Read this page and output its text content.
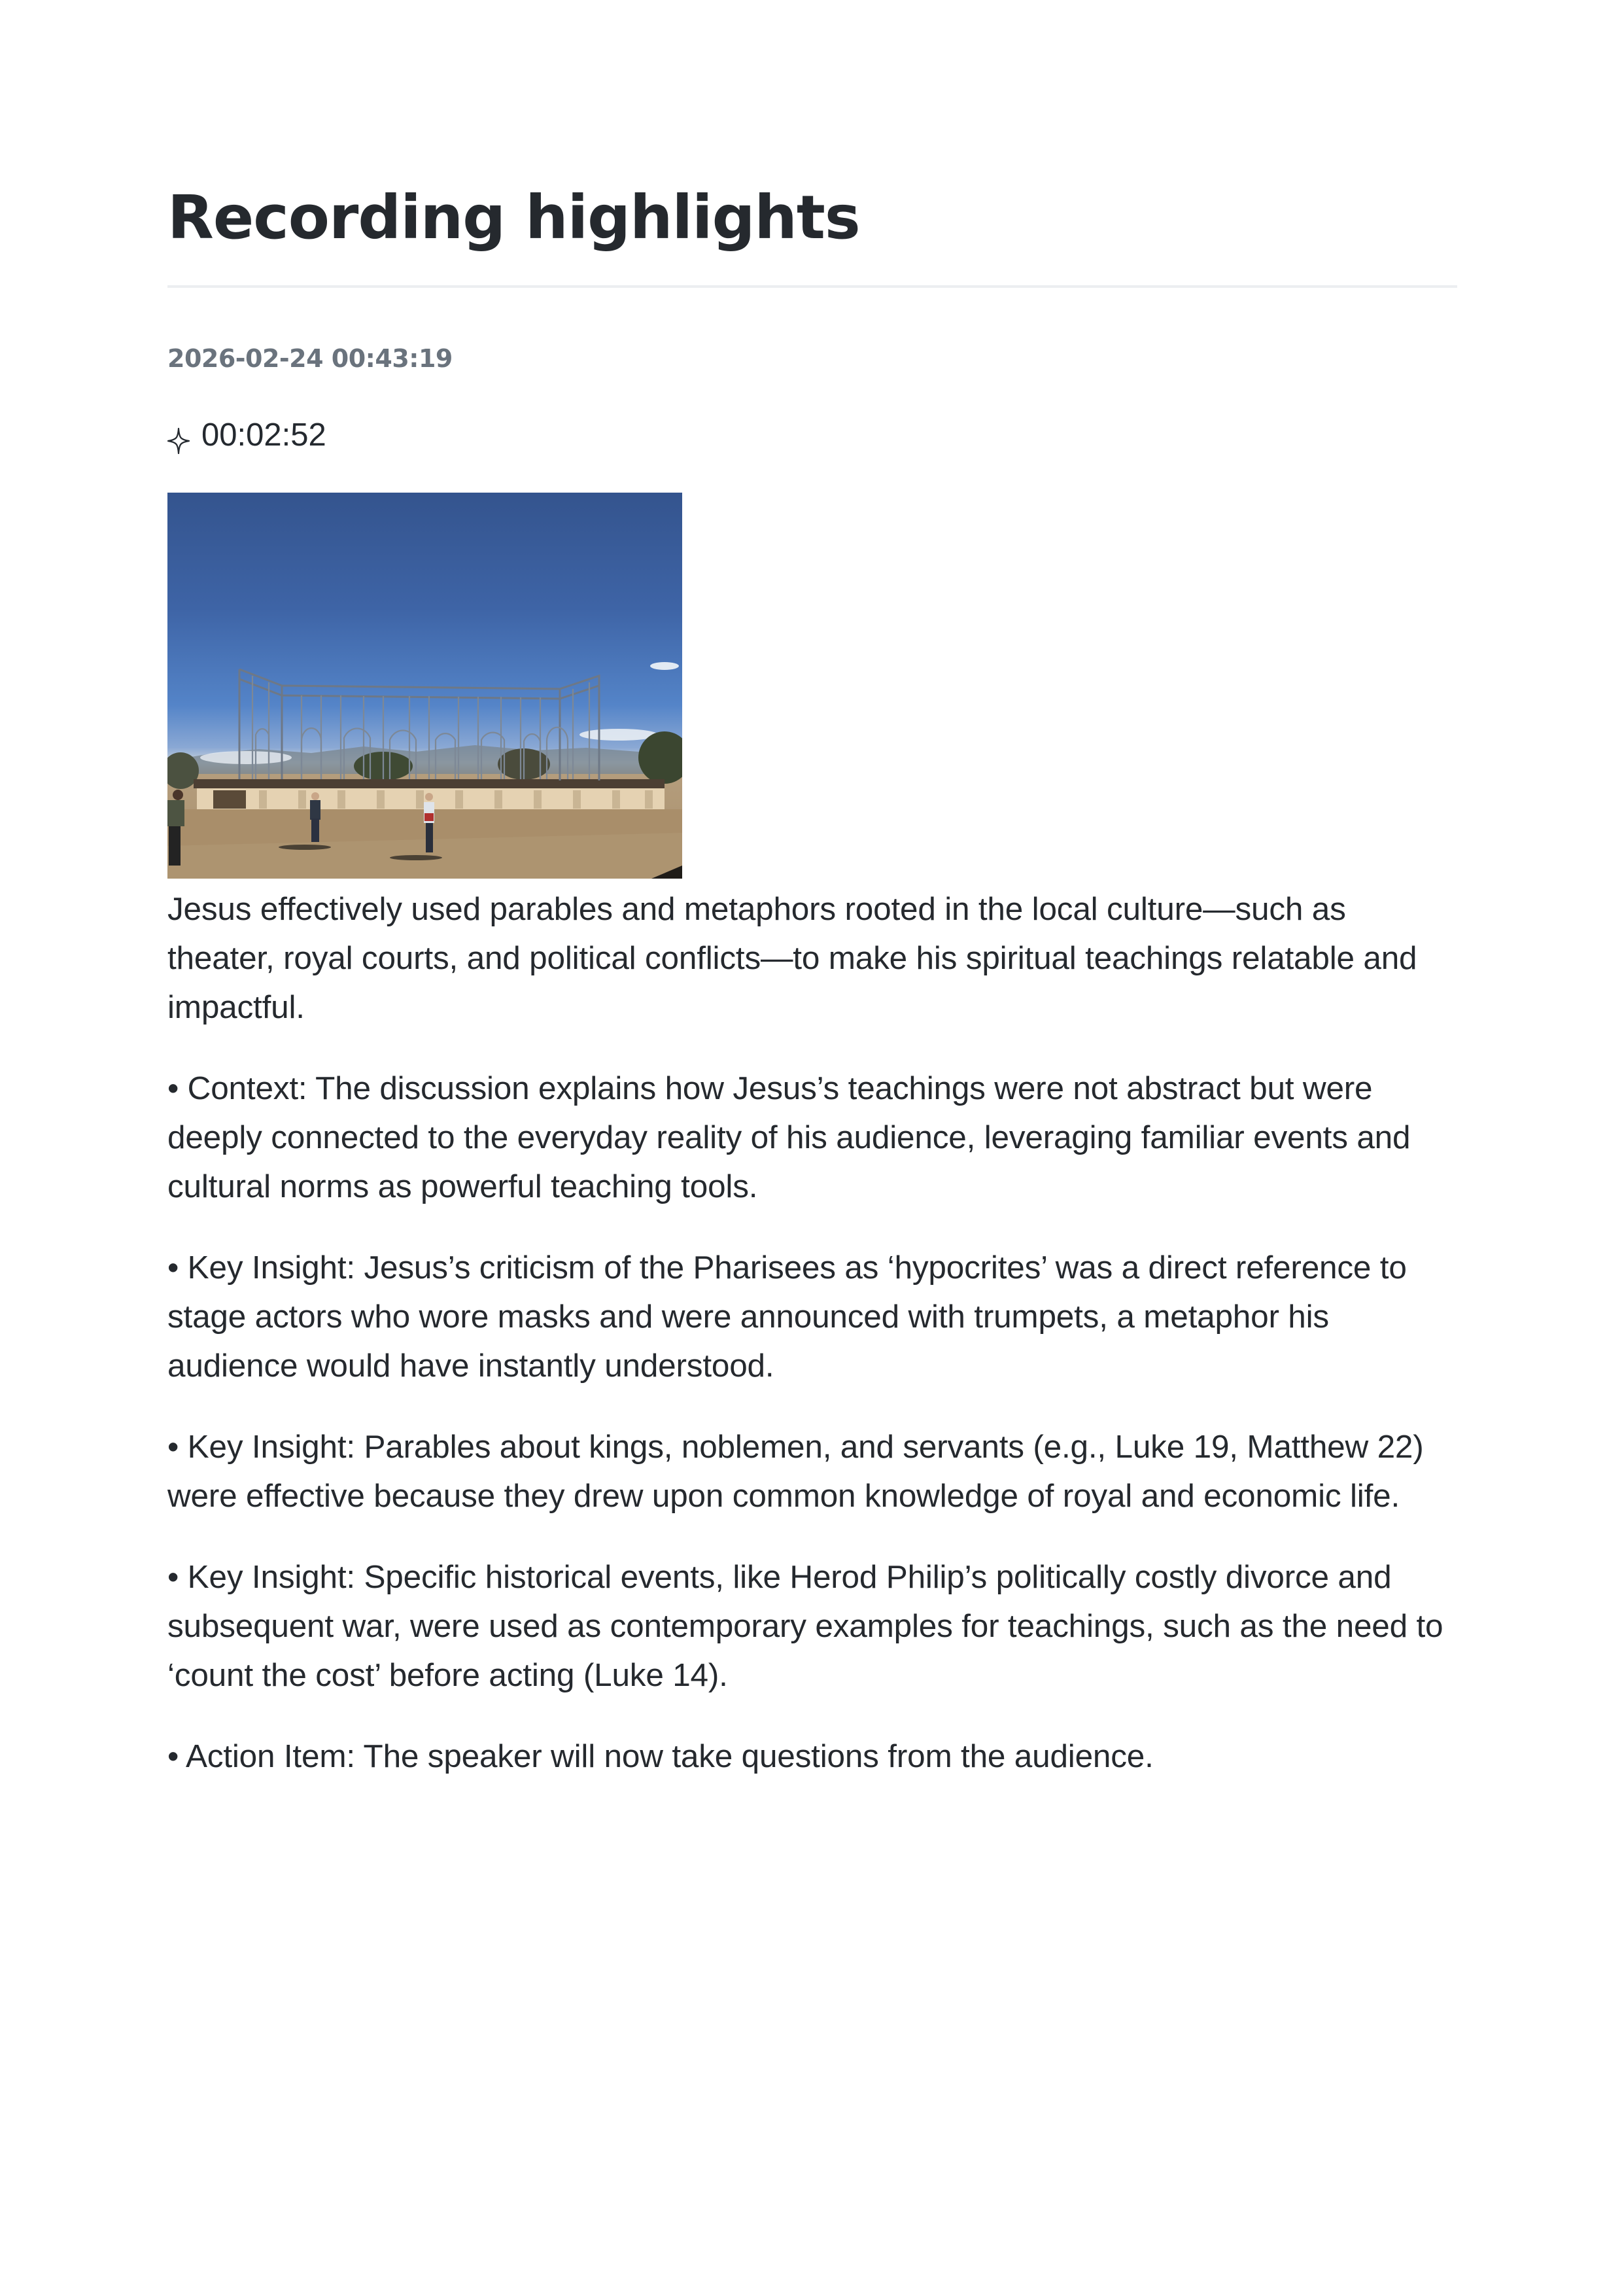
Recording highlights
2026-02-24 00:43:19
00:02:52

Jesus effectively used parables and metaphors rooted in the local culture—such as theater, royal courts, and political conflicts—to make his spiritual teachings relatable and impactful.

• Context: The discussion explains how Jesus’s teachings were not abstract but were deeply connected to the everyday reality of his audience, leveraging familiar events and cultural norms as powerful teaching tools.

• Key Insight: Jesus’s criticism of the Pharisees as ‘hypocrites’ was a direct reference to stage actors who wore masks and were announced with trumpets, a metaphor his audience would have instantly understood.

• Key Insight: Parables about kings, noblemen, and servants (e.g., Luke 19, Matthew 22) were effective because they drew upon common knowledge of royal and economic life.

• Key Insight: Specific historical events, like Herod Philip’s politically costly divorce and subsequent war, were used as contemporary examples for teachings, such as the need to ‘count the cost’ before acting (Luke 14).

• Action Item: The speaker will now take questions from the audience.
